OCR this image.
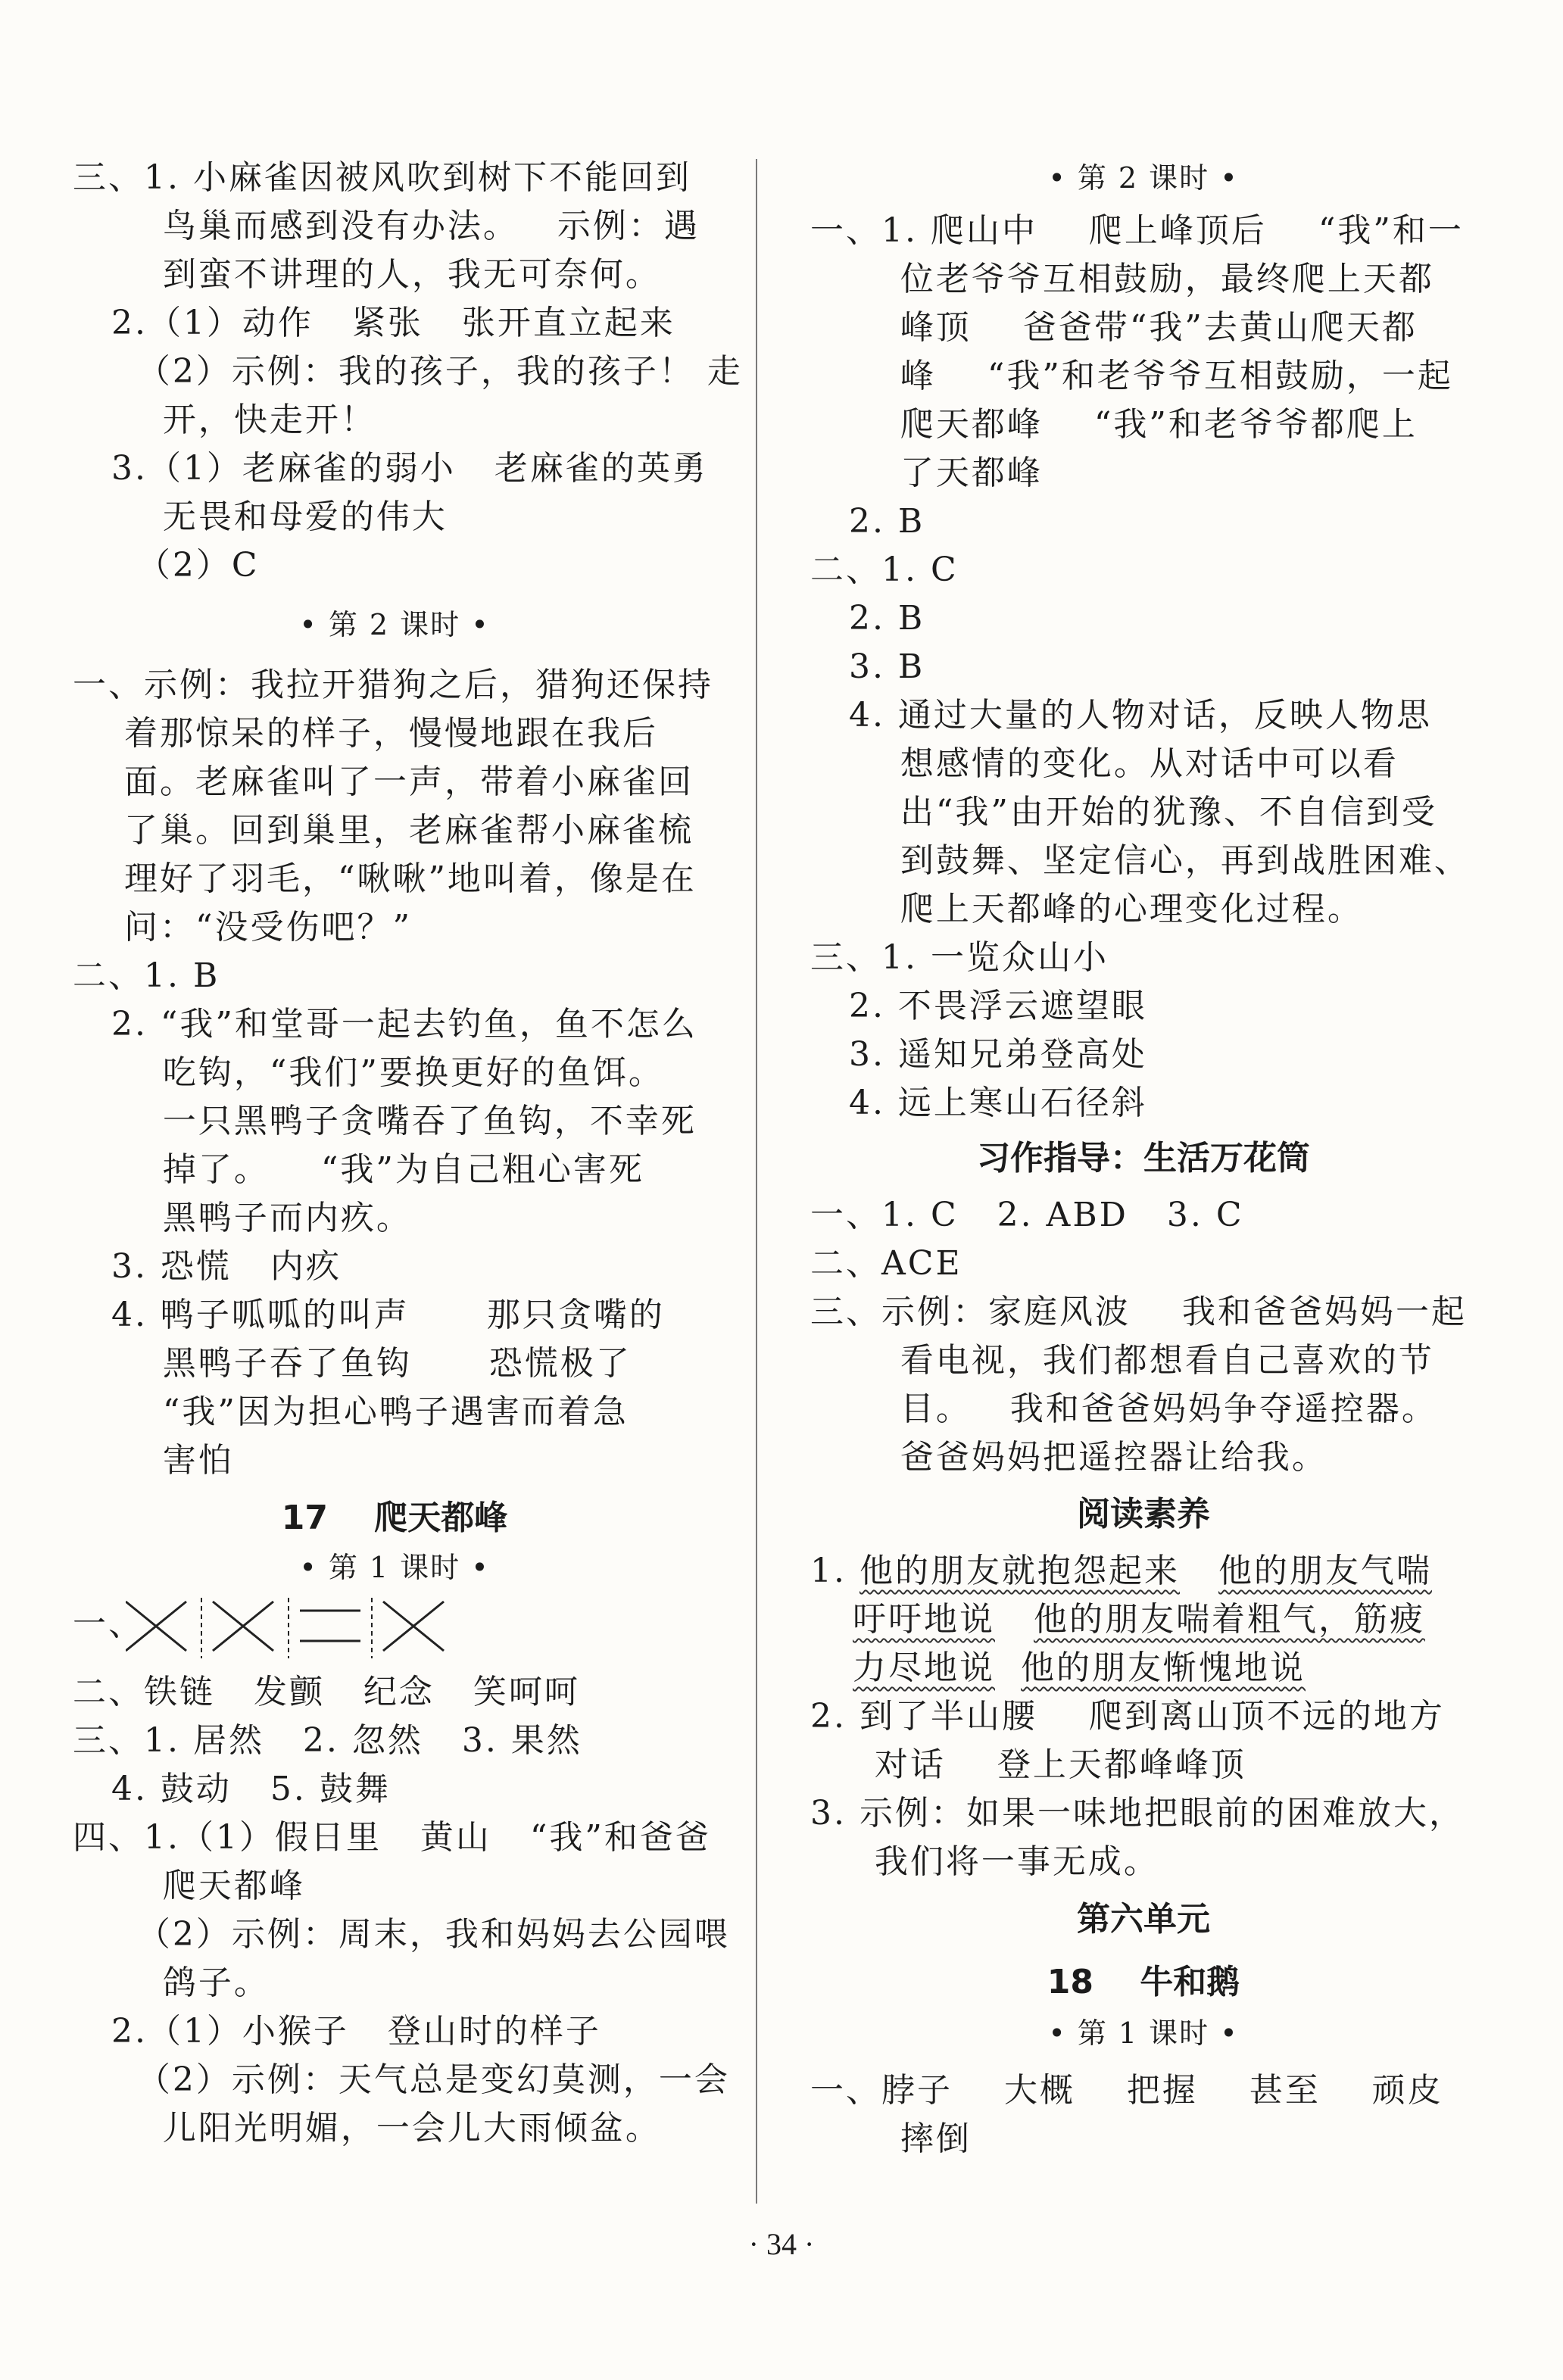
三、1. 小麻雀因被风吹到树下不能回到
鸟巢而感到没有办法。   示例：遇
到蛮不讲理的人，我无可奈何。
2.（1）动作   紧张   张开直立起来
（2）示例：我的孩子，我的孩子！ 走
开，快走开！
3.（1）老麻雀的弱小   老麻雀的英勇
无畏和母爱的伟大
（2）C
• 第 2 课时 •
一、示例：我拉开猎狗之后，猎狗还保持
着那惊呆的样子，慢慢地跟在我后
面。老麻雀叫了一声，带着小麻雀回
了巢。回到巢里，老麻雀帮小麻雀梳
理好了羽毛，“啾啾”地叫着，像是在
问：“没受伤吧？”
二、1. B
2. “我”和堂哥一起去钓鱼，鱼不怎么
吃钩，“我们”要换更好的鱼饵。
一只黑鸭子贪嘴吞了鱼钩，不幸死
掉了。    “我”为自己粗心害死
黑鸭子而内疚。
3. 恐慌   内疚
4. 鸭子呱呱的叫声      那只贪嘴的
黑鸭子吞了鱼钩      恐慌极了
“我”因为担心鸭子遇害而着急
害怕
17    爬天都峰
• 第 1 课时 •
一、
二、铁链   发颤   纪念   笑呵呵
三、1. 居然   2. 忽然   3. 果然
4. 鼓动   5. 鼓舞
四、1.（1）假日里   黄山   “我”和爸爸
爬天都峰
（2）示例：周末，我和妈妈去公园喂
鸽子。
2.（1）小猴子   登山时的样子
（2）示例：天气总是变幻莫测，一会
儿阳光明媚，一会儿大雨倾盆。
• 第 2 课时 •
一、1. 爬山中    爬上峰顶后    “我”和一
位老爷爷互相鼓励，最终爬上天都
峰顶    爸爸带“我”去黄山爬天都
峰    “我”和老爷爷互相鼓励，一起
爬天都峰    “我”和老爷爷都爬上
了天都峰
2. B
二、1. C
2. B
3. B
4. 通过大量的人物对话，反映人物思
想感情的变化。从对话中可以看
出“我”由开始的犹豫、不自信到受
到鼓舞、坚定信心，再到战胜困难、
爬上天都峰的心理变化过程。
三、1. 一览众山小
2. 不畏浮云遮望眼
3. 遥知兄弟登高处
4. 远上寒山石径斜
习作指导：生活万花筒
一、1. C   2. ABD   3. C
二、ACE
三、示例：家庭风波    我和爸爸妈妈一起
看电视，我们都想看自己喜欢的节
目。   我和爸爸妈妈争夺遥控器。
爸爸妈妈把遥控器让给我。
阅读素养
1. 他的朋友就抱怨起来 他的朋友气喘
吁吁地说 他的朋友喘着粗气，筋疲
力尽地说 他的朋友惭愧地说
2. 到了半山腰    爬到离山顶不远的地方
对话    登上天都峰峰顶
3. 示例：如果一味地把眼前的困难放大，
我们将一事无成。
第六单元
18    牛和鹅
• 第 1 课时 •
一、脖子    大概    把握    甚至    顽皮
摔倒
· 34 ·
